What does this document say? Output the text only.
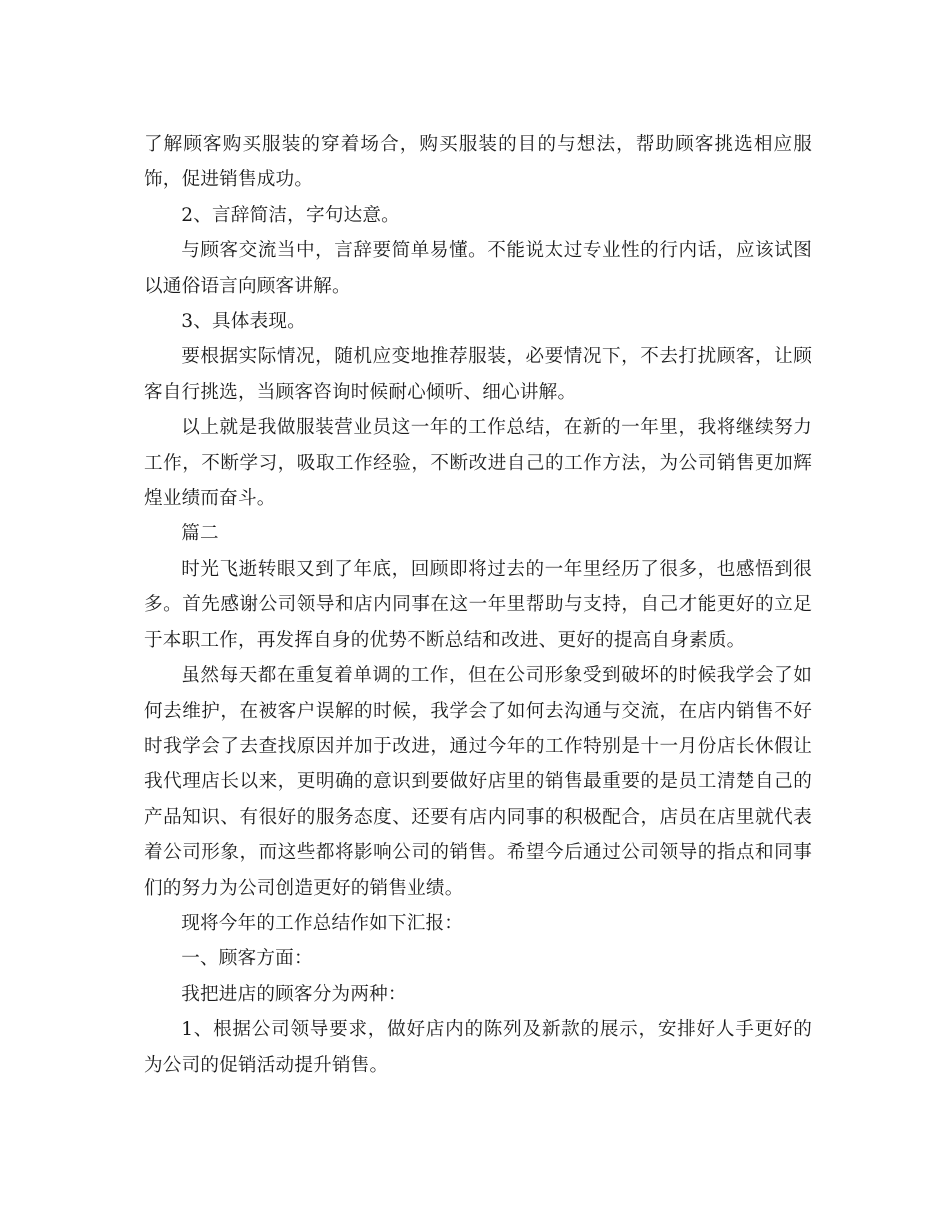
了解顾客购买服装的穿着场合，购买服装的目的与想法，帮助顾客挑选相应服饰，促进销售成功。

2、言辞简洁，字句达意。

与顾客交流当中，言辞要简单易懂。不能说太过专业性的行内话，应该试图以通俗语言向顾客讲解。

3、具体表现。

要根据实际情况，随机应变地推荐服装，必要情况下，不去打扰顾客，让顾客自行挑选，当顾客咨询时候耐心倾听、细心讲解。

以上就是我做服装营业员这一年的工作总结，在新的一年里，我将继续努力工作，不断学习，吸取工作经验，不断改进自己的工作方法，为公司销售更加辉煌业绩而奋斗。

篇二

时光飞逝转眼又到了年底，回顾即将过去的一年里经历了很多，也感悟到很多。首先感谢公司领导和店内同事在这一年里帮助与支持，自己才能更好的立足于本职工作，再发挥自身的优势不断总结和改进、更好的提高自身素质。

虽然每天都在重复着单调的工作，但在公司形象受到破坏的时候我学会了如何去维护，在被客户误解的时候，我学会了如何去沟通与交流，在店内销售不好时我学会了去查找原因并加于改进，通过今年的工作特别是十一月份店长休假让我代理店长以来，更明确的意识到要做好店里的销售最重要的是员工清楚自己的产品知识、有很好的服务态度、还要有店内同事的积极配合，店员在店里就代表着公司形象，而这些都将影响公司的销售。希望今后通过公司领导的指点和同事们的努力为公司创造更好的销售业绩。

现将今年的工作总结作如下汇报：

一、顾客方面：

我把进店的顾客分为两种：

1、根据公司领导要求，做好店内的陈列及新款的展示，安排好人手更好的为公司的促销活动提升销售。
